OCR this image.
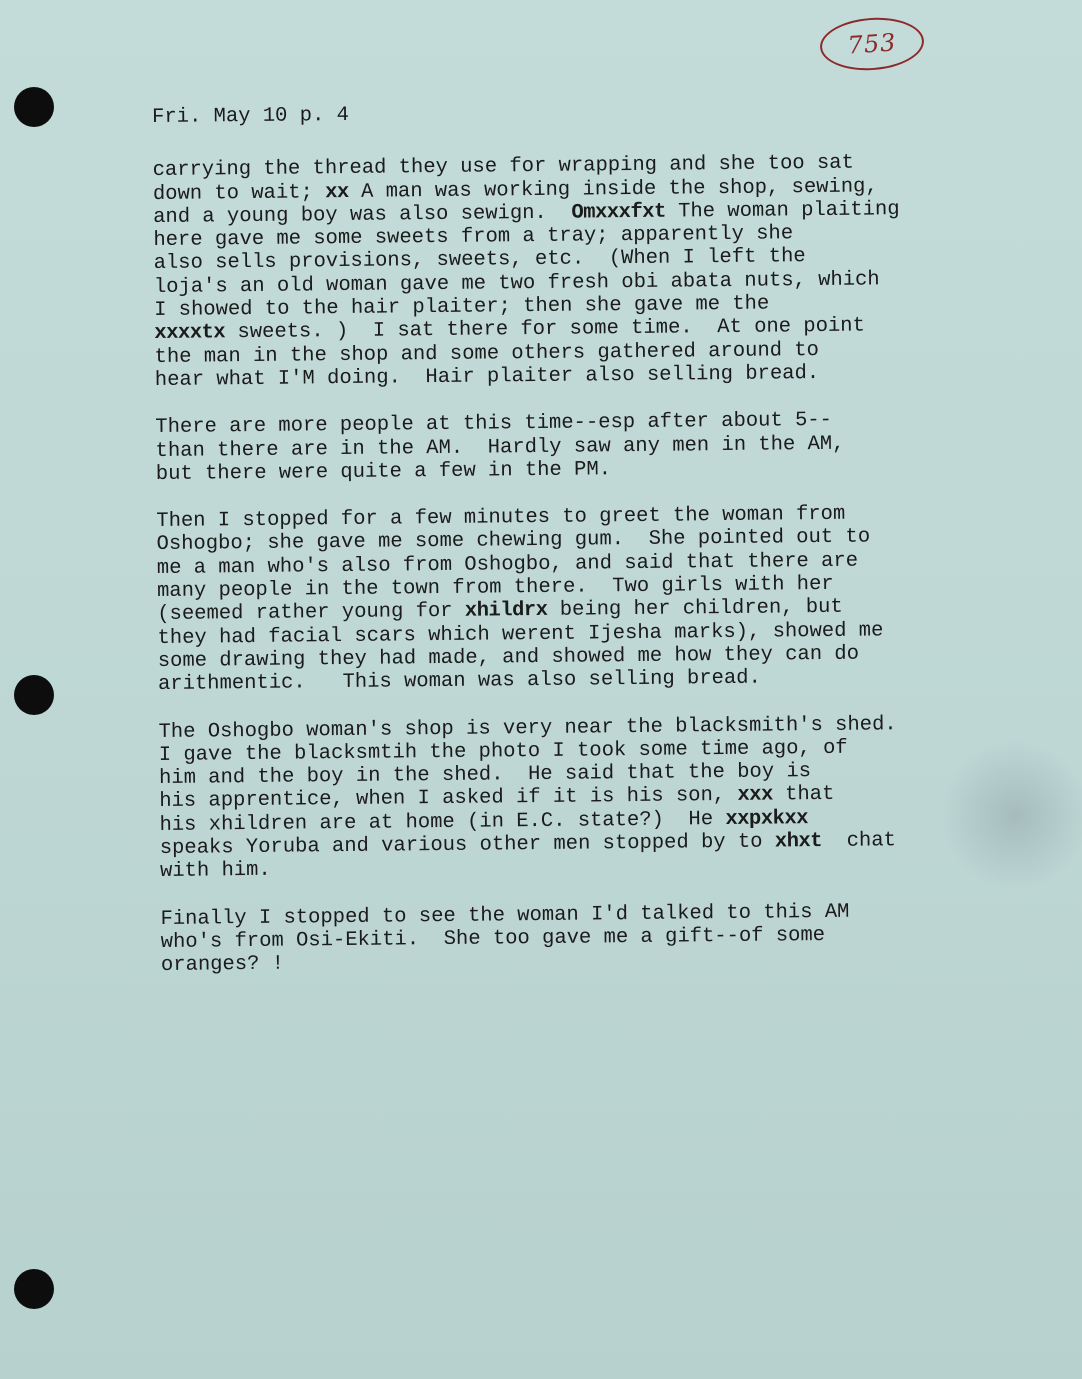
753
Fri. May 10 p. 4
carrying the thread they use for wrapping and she too sat
down to wait; xx A man was working inside the shop, sewing,
and a young boy was also sewign.  Omxxxfxt The woman plaiting
here gave me some sweets from a tray; apparently she
also sells provisions, sweets, etc.  (When I left the
loja's an old woman gave me two fresh obi abata nuts, which
I showed to the hair plaiter; then she gave me the
xxxxtx sweets. )  I sat there for some time.  At one point
the man in the shop and some others gathered around to
hear what I'M doing.  Hair plaiter also selling bread.
There are more people at this time--esp after about 5--
than there are in the AM.  Hardly saw any men in the AM,
but there were quite a few in the PM.
Then I stopped for a few minutes to greet the woman from
Oshogbo; she gave me some chewing gum.  She pointed out to
me a man who's also from Oshogbo, and said that there are
many people in the town from there.  Two girls with her
(seemed rather young for xhildrx being her children, but
they had facial scars which werent Ijesha marks), showed me
some drawing they had made, and showed me how they can do
arithmentic.   This woman was also selling bread.
The Oshogbo woman's shop is very near the blacksmith's shed.
I gave the blacksmtih the photo I took some time ago, of
him and the boy in the shed.  He said that the boy is
his apprentice, when I asked if it is his son, xxx that
his xhildren are at home (in E.C. state?)  He xxpxkxx
speaks Yoruba and various other men stopped by to xhxt  chat
with him.
Finally I stopped to see the woman I'd talked to this AM
who's from Osi-Ekiti.  She too gave me a gift--of some
oranges? !
